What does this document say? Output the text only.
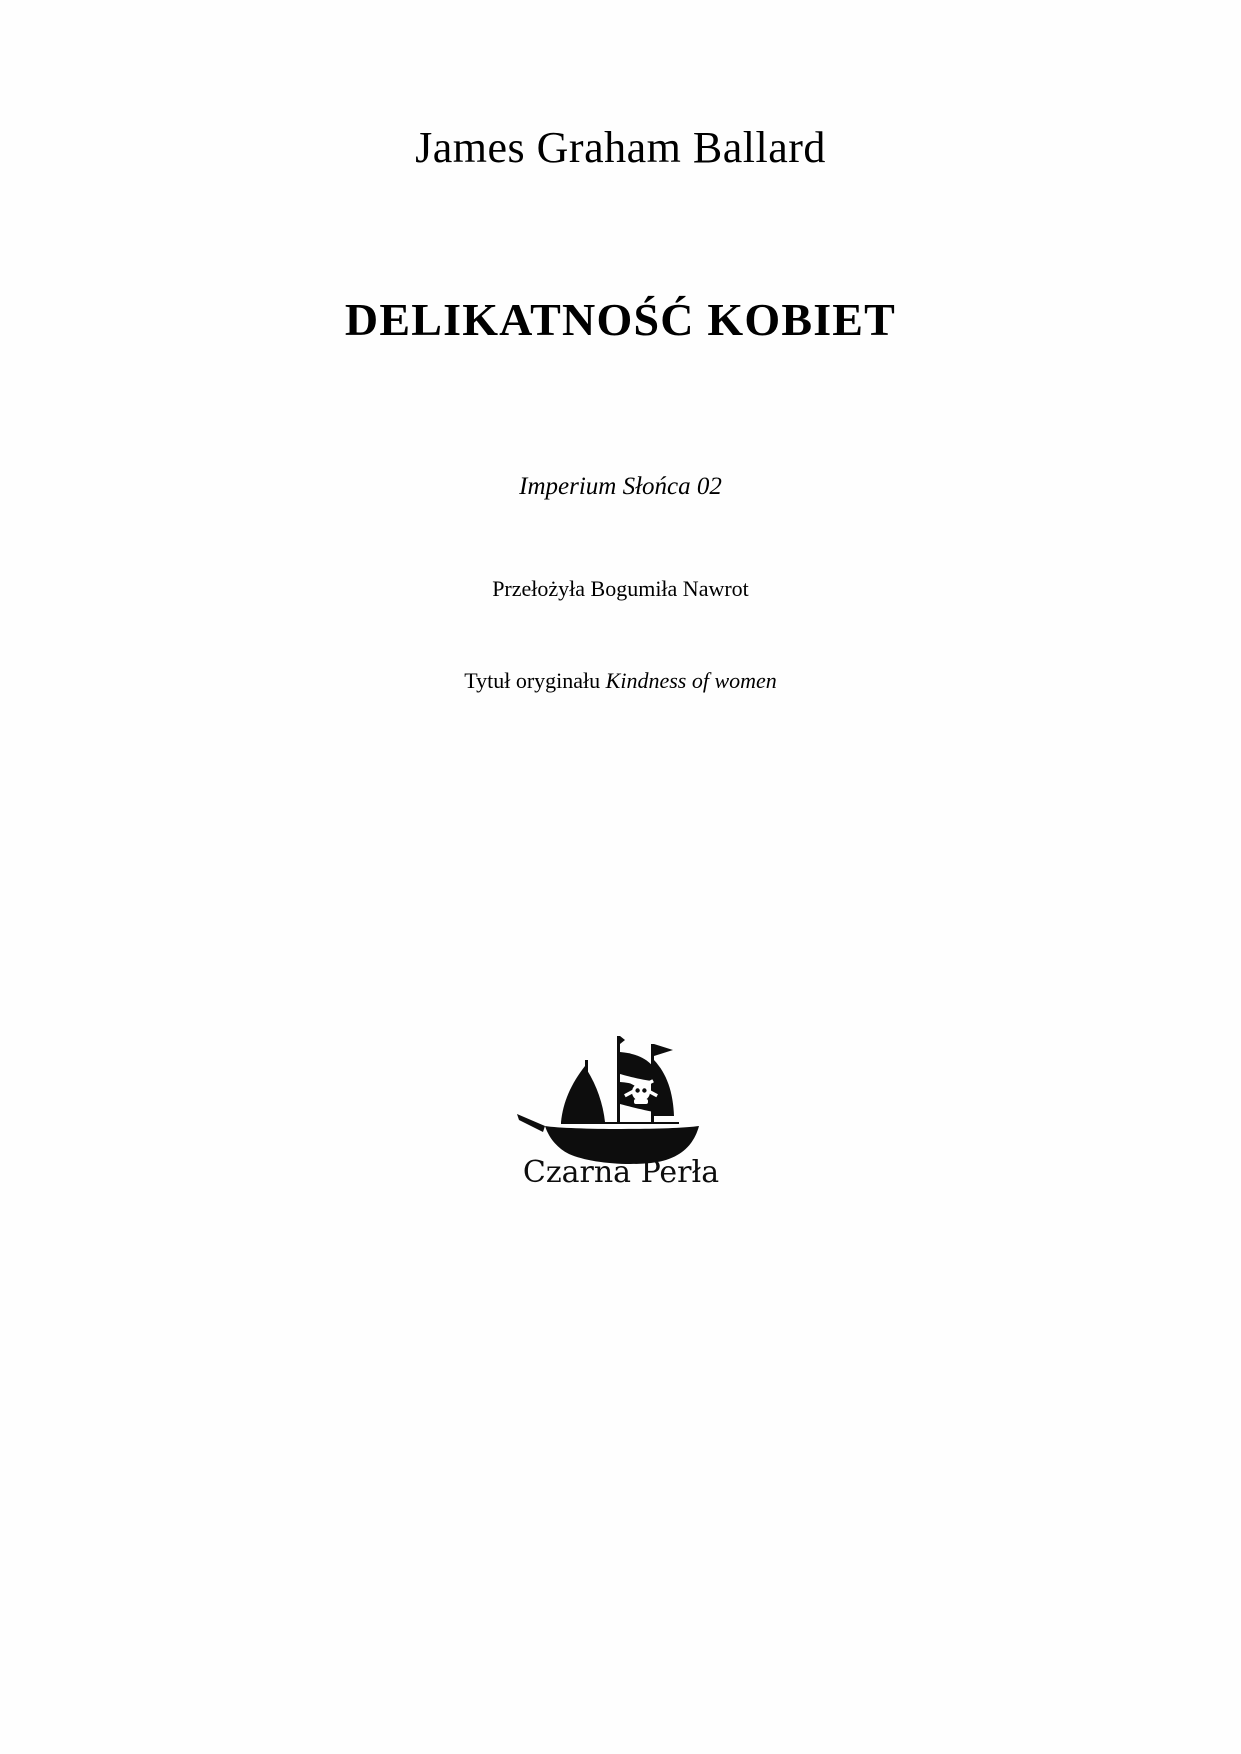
James Graham Ballard
DELIKATNOŚĆ KOBIET
Imperium Słońca 02
Przełożyła Bogumiła Nawrot
Tytuł oryginału Kindness of women
Czarna Perła
